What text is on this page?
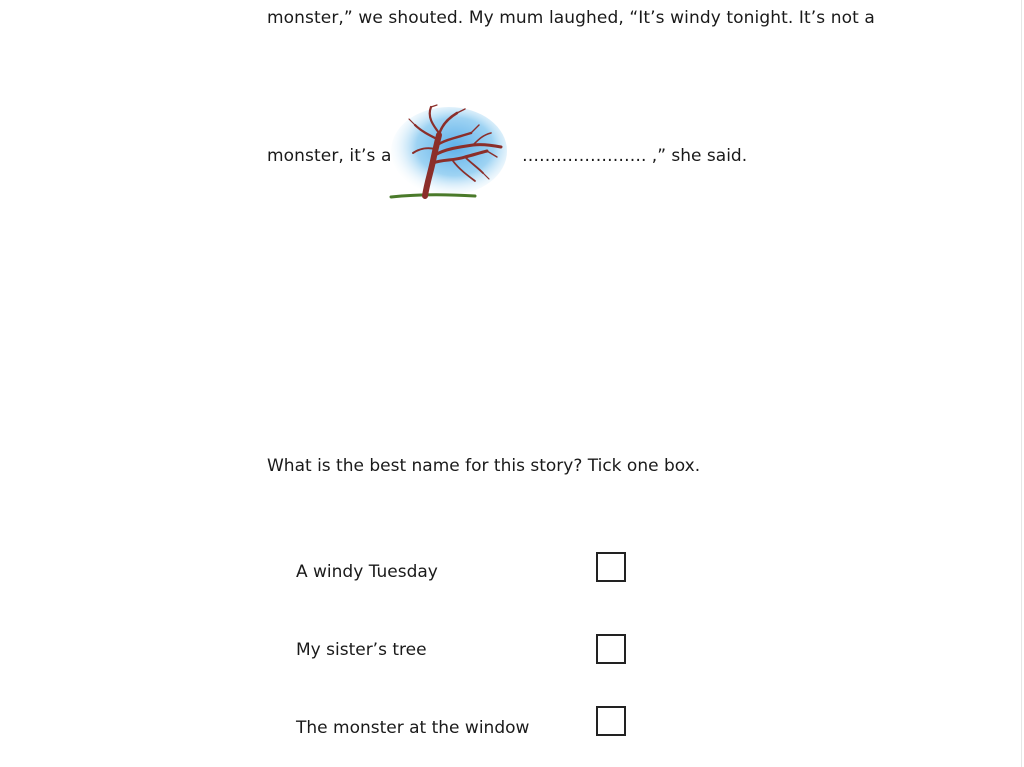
monster,” we shouted. My mum laughed, “It’s windy tonight. It’s not a
monster, it’s a	…………………. ,” she said.
What is the best name for this story? Tick one box.
A windy Tuesday
My sister’s tree
The monster at the window
